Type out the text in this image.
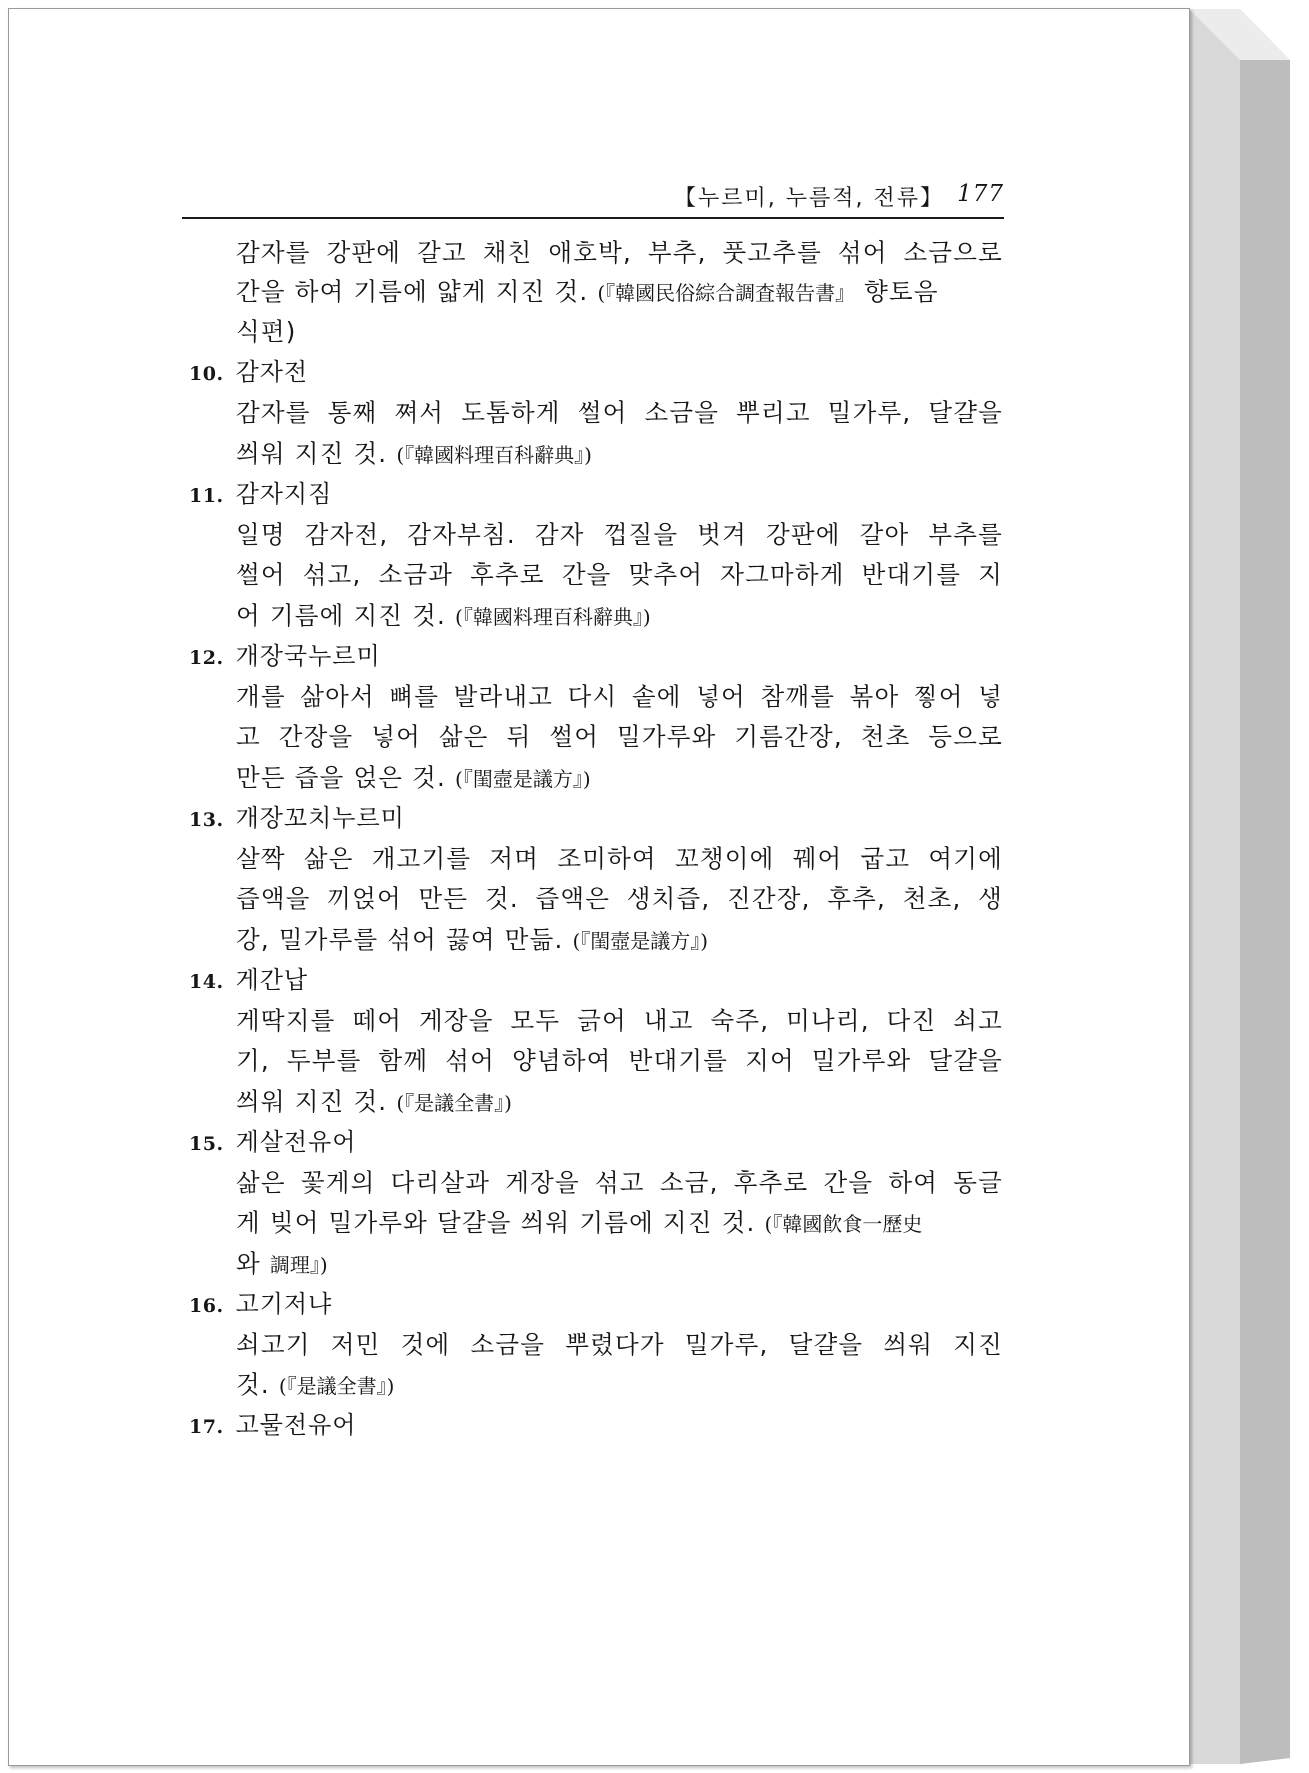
【누르미, 누름적, 전류】 177
감자를 강판에 갈고 채친 애호박, 부추, 풋고추를 섞어 소금으로
간을 하여 기름에 얇게 지진 것. (『韓國民俗綜合調査報告書』 향토음
식편)
10. 감자전
감자를 통째 쪄서 도톰하게 썰어 소금을 뿌리고 밀가루, 달걀을
씌워 지진 것. (『韓國料理百科辭典』)
11. 감자지짐
일명 감자전, 감자부침. 감자 껍질을 벗겨 강판에 갈아 부추를
썰어 섞고, 소금과 후추로 간을 맞추어 자그마하게 반대기를 지
어 기름에 지진 것. (『韓國料理百科辭典』)
12. 개장국누르미
개를 삶아서 뼈를 발라내고 다시 솥에 넣어 참깨를 볶아 찧어 넣
고 간장을 넣어 삶은 뒤 썰어 밀가루와 기름간장, 천초 등으로
만든 즙을 얹은 것. (『閨壼是議方』)
13. 개장꼬치누르미
살짝 삶은 개고기를 저며 조미하여 꼬챙이에 꿰어 굽고 여기에
즙액을 끼얹어 만든 것. 즙액은 생치즙, 진간장, 후추, 천초, 생
강, 밀가루를 섞어 끓여 만듦. (『閨壼是議方』)
14. 게간납
게딱지를 떼어 게장을 모두 긁어 내고 숙주, 미나리, 다진 쇠고
기, 두부를 함께 섞어 양념하여 반대기를 지어 밀가루와 달걀을
씌워 지진 것. (『是議全書』)
15. 게살전유어
삶은 꽃게의 다리살과 게장을 섞고 소금, 후추로 간을 하여 동글
게 빚어 밀가루와 달걀을 씌워 기름에 지진 것. (『韓國飮食一歷史
와 調理』)
16. 고기저냐
쇠고기 저민 것에 소금을 뿌렸다가 밀가루, 달걀을 씌워 지진
것. (『是議全書』)
17. 고물전유어
